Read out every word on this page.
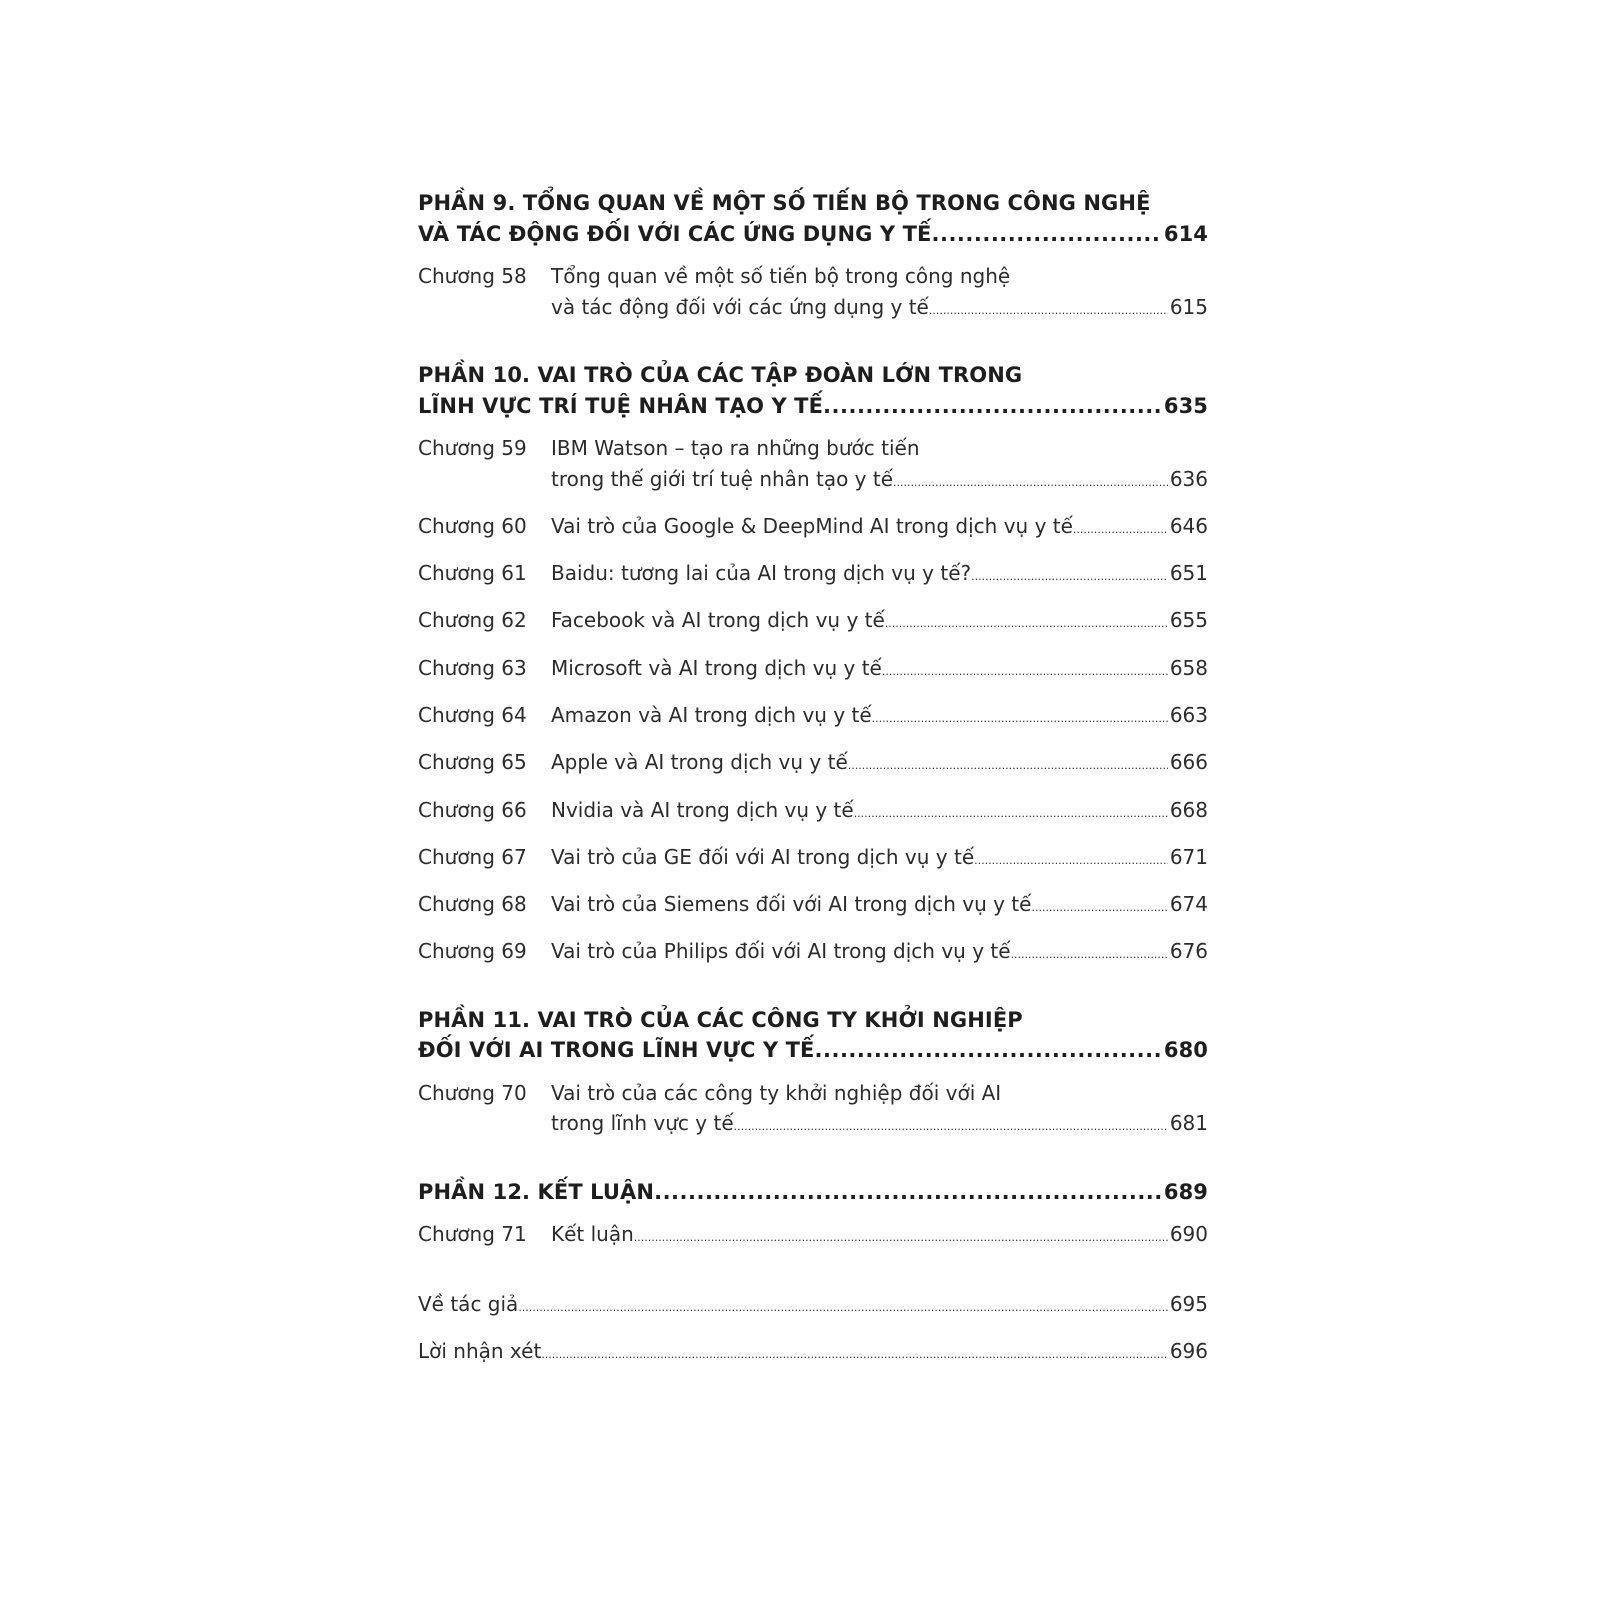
PHẦN 9. TỔNG QUAN VỀ MỘT SỐ TIẾN BỘ TRONG CÔNG NGHỆ
VÀ TÁC ĐỘNG ĐỐI VỚI CÁC ỨNG DỤNG Y TẾ .....	614
Chương 58	Tổng quan về một số tiến bộ trong công nghệ
và tác động đối với các ứng dụng y tế .....	615
PHẦN 10. VAI TRÒ CỦA CÁC TẬP ĐOÀN LỚN TRONG
LĨNH VỰC TRÍ TUỆ NHÂN TẠO Y TẾ .....	635
Chương 59	IBM Watson – tạo ra những bước tiến
trong thế giới trí tuệ nhân tạo y tế .....	636
Chương 60	Vai trò của Google & DeepMind AI trong dịch vụ y tế .....	646
Chương 61	Baidu: tương lai của AI trong dịch vụ y tế? .....	651
Chương 62	Facebook và AI trong dịch vụ y tế .....	655
Chương 63	Microsoft và AI trong dịch vụ y tế .....	658
Chương 64	Amazon và AI trong dịch vụ y tế .....	663
Chương 65	Apple và AI trong dịch vụ y tế .....	666
Chương 66	Nvidia và AI trong dịch vụ y tế .....	668
Chương 67	Vai trò của GE đối với AI trong dịch vụ y tế .....	671
Chương 68	Vai trò của Siemens đối với AI trong dịch vụ y tế .....	674
Chương 69	Vai trò của Philips đối với AI trong dịch vụ y tế .....	676
PHẦN 11. VAI TRÒ CỦA CÁC CÔNG TY KHỞI NGHIỆP
ĐỐI VỚI AI TRONG LĨNH VỰC Y TẾ .....	680
Chương 70	Vai trò của các công ty khởi nghiệp đối với AI
trong lĩnh vực y tế .....	681
PHẦN 12. KẾT LUẬN .....	689
Chương 71	Kết luận .....	690
Về tác giả .....	695
Lời nhận xét .....	696
